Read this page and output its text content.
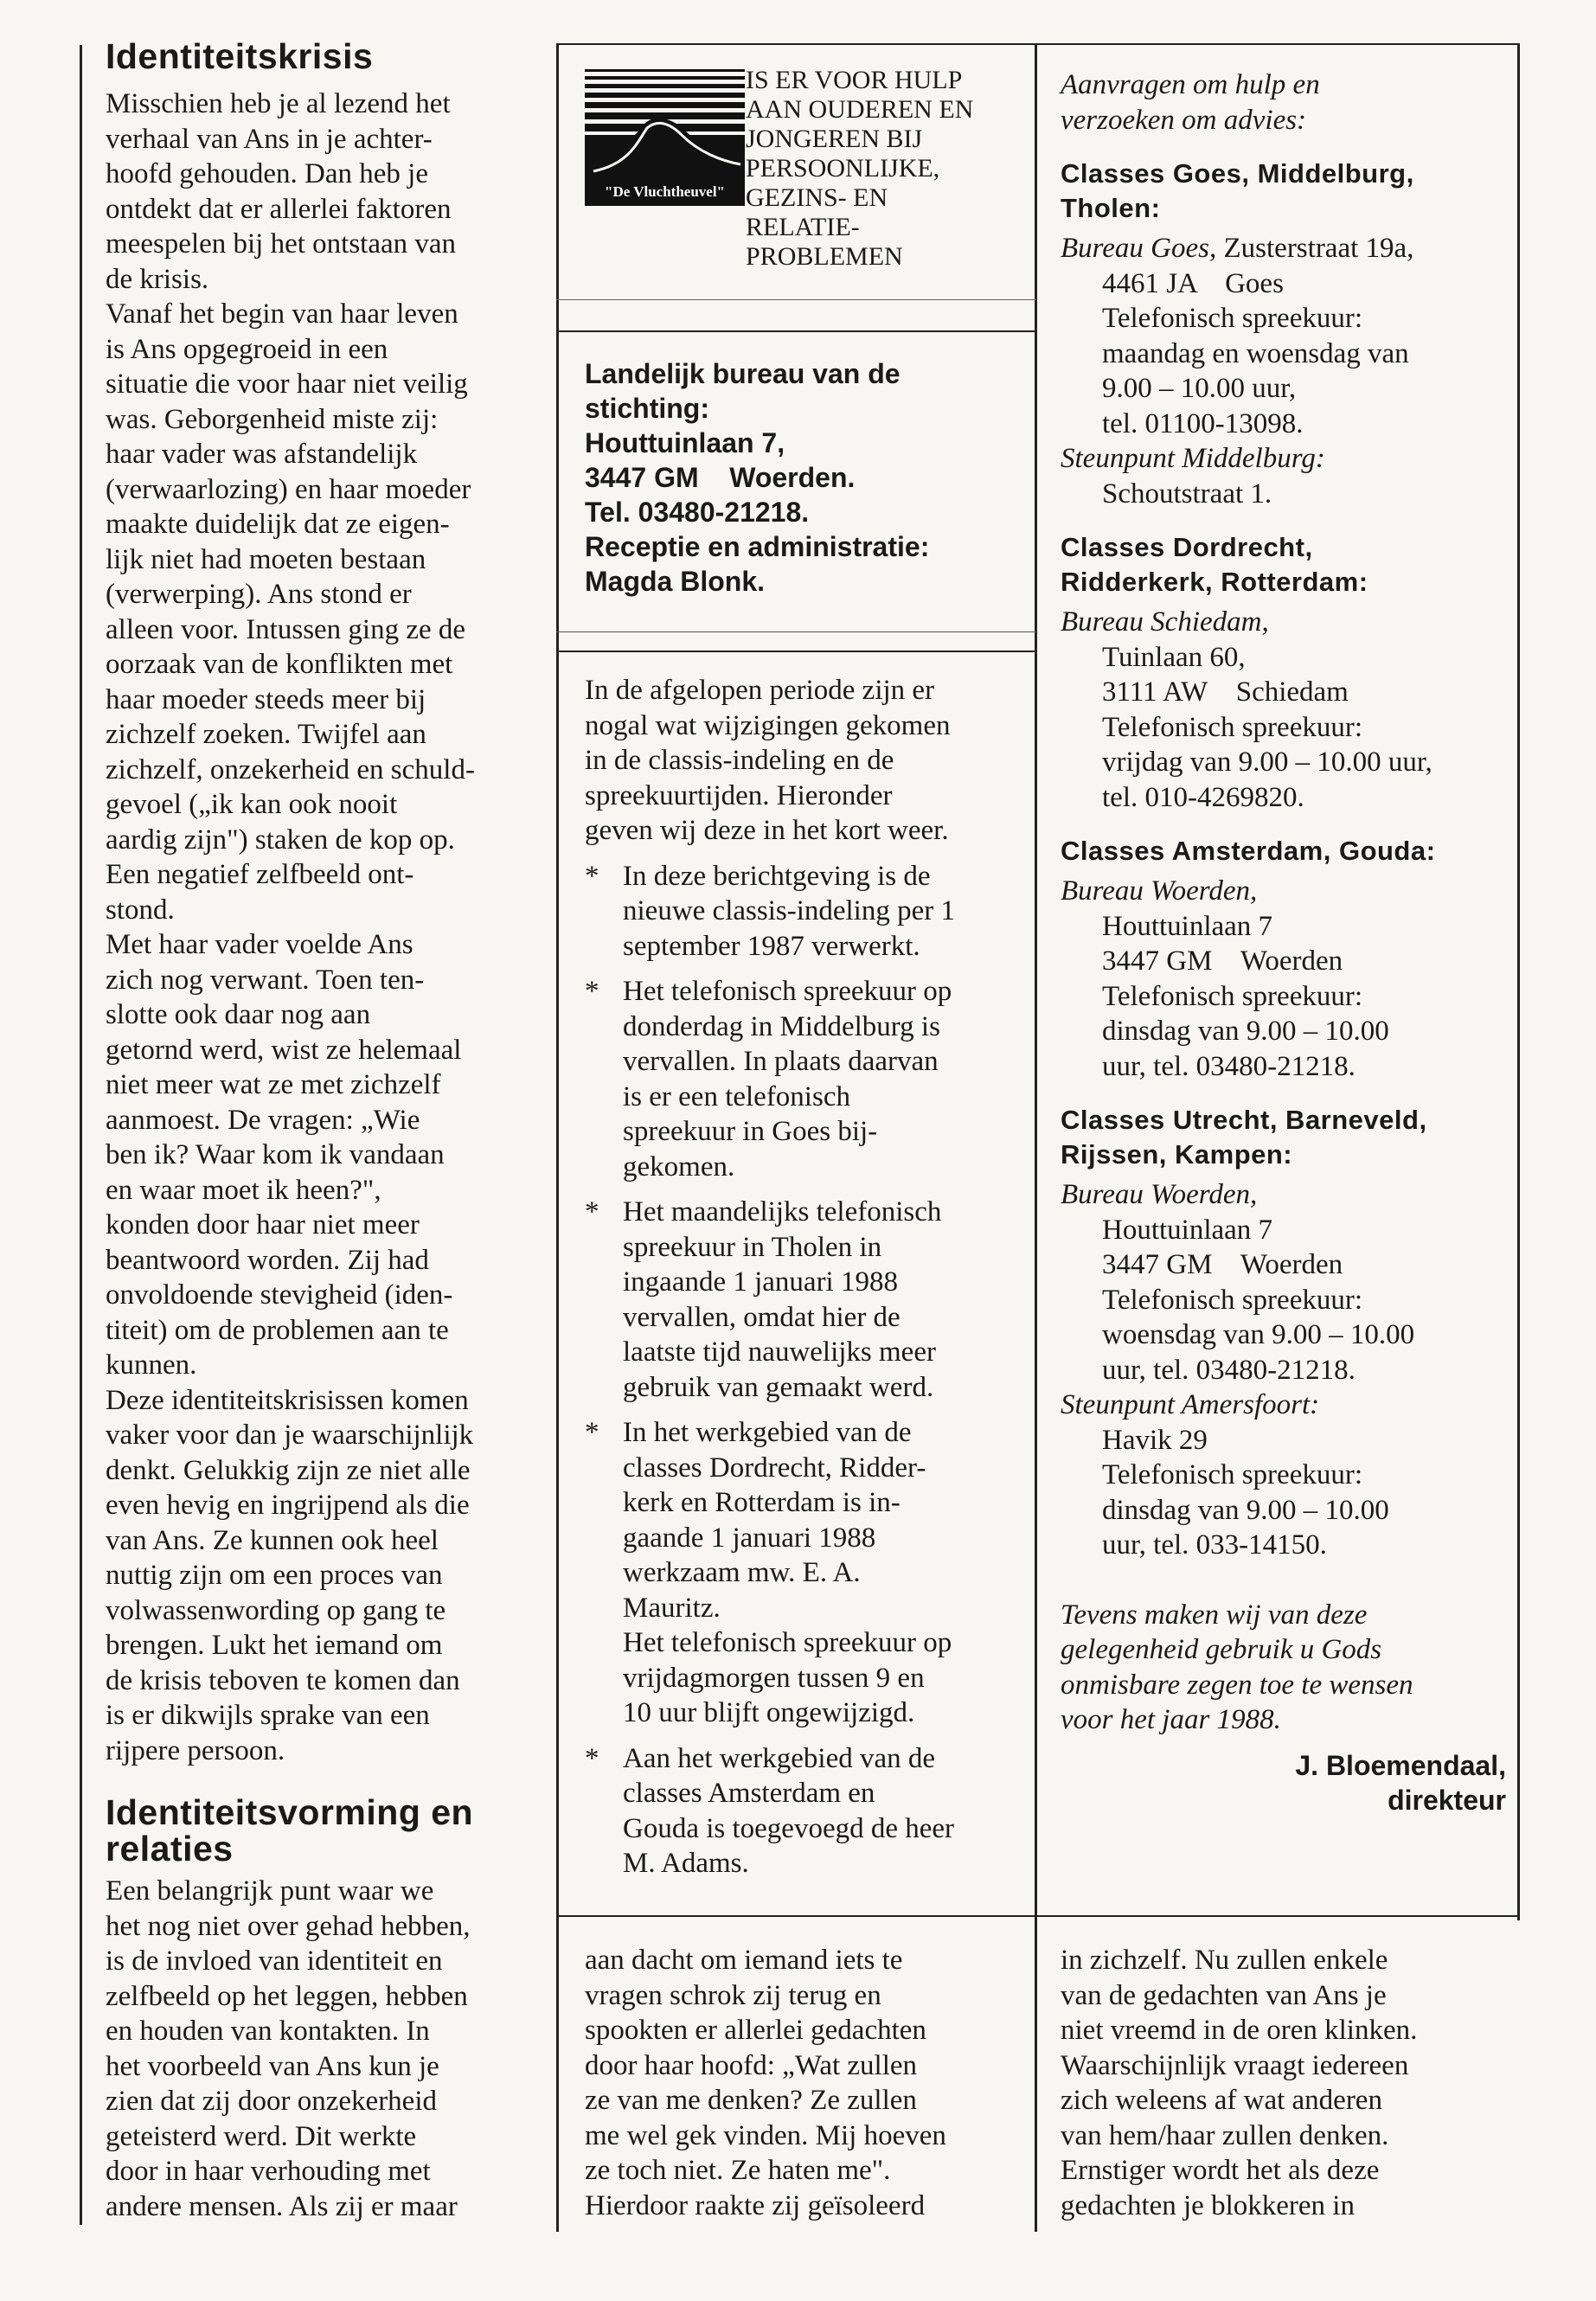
Identiteitskrisis
Misschien heb je al lezend het
verhaal van Ans in je achter-
hoofd gehouden. Dan heb je
ontdekt dat er allerlei faktoren
meespelen bij het ontstaan van
de krisis.
Vanaf het begin van haar leven
is Ans opgegroeid in een
situatie die voor haar niet veilig
was. Geborgenheid miste zij:
haar vader was afstandelijk
(verwaarlozing) en haar moeder
maakte duidelijk dat ze eigen-
lijk niet had moeten bestaan
(verwerping). Ans stond er
alleen voor. Intussen ging ze de
oorzaak van de konflikten met
haar moeder steeds meer bij
zichzelf zoeken. Twijfel aan
zichzelf, onzekerheid en schuld-
gevoel („ik kan ook nooit
aardig zijn") staken de kop op.
Een negatief zelfbeeld ont-
stond.
Met haar vader voelde Ans
zich nog verwant. Toen ten-
slotte ook daar nog aan
getornd werd, wist ze helemaal
niet meer wat ze met zichzelf
aanmoest. De vragen: „Wie
ben ik? Waar kom ik vandaan
en waar moet ik heen?",
konden door haar niet meer
beantwoord worden. Zij had
onvoldoende stevigheid (iden-
titeit) om de problemen aan te
kunnen.
Deze identiteitskrisissen komen
vaker voor dan je waarschijnlijk
denkt. Gelukkig zijn ze niet alle
even hevig en ingrijpend als die
van Ans. Ze kunnen ook heel
nuttig zijn om een proces van
volwassenwording op gang te
brengen. Lukt het iemand om
de krisis teboven te komen dan
is er dikwijls sprake van een
rijpere persoon.
Identiteitsvorming en
relaties
Een belangrijk punt waar we
het nog niet over gehad hebben,
is de invloed van identiteit en
zelfbeeld op het leggen, hebben
en houden van kontakten. In
het voorbeeld van Ans kun je
zien dat zij door onzekerheid
geteisterd werd. Dit werkte
door in haar verhouding met
andere mensen. Als zij er maar
"De Vluchtheuvel"
IS ER VOOR HULP
AAN OUDEREN EN
JONGEREN BIJ
PERSOONLIJKE,
GEZINS- EN
RELATIE-
PROBLEMEN
Landelijk bureau van de
stichting:
Houttuinlaan 7,
3447 GM    Woerden.
Tel. 03480-21218.
Receptie en administratie:
Magda Blonk.
In de afgelopen periode zijn er
nogal wat wijzigingen gekomen
in de classis-indeling en de
spreekuurtijden. Hieronder
geven wij deze in het kort weer.
* In deze berichtgeving is de
nieuwe classis-indeling per 1
september 1987 verwerkt.
* Het telefonisch spreekuur op
donderdag in Middelburg is
vervallen. In plaats daarvan
is er een telefonisch
spreekuur in Goes bij-
gekomen.
* Het maandelijks telefonisch
spreekuur in Tholen in
ingaande 1 januari 1988
vervallen, omdat hier de
laatste tijd nauwelijks meer
gebruik van gemaakt werd.
* In het werkgebied van de
classes Dordrecht, Ridder-
kerk en Rotterdam is in-
gaande 1 januari 1988
werkzaam mw. E. A.
Mauritz.
Het telefonisch spreekuur op
vrijdagmorgen tussen 9 en
10 uur blijft ongewijzigd.
* Aan het werkgebied van de
classes Amsterdam en
Gouda is toegevoegd de heer
M. Adams.
Aanvragen om hulp en
verzoeken om advies:
Classes Goes, Middelburg,
Tholen:
Bureau Goes, Zusterstraat 19a,
4461 JA    Goes
Telefonisch spreekuur:
maandag en woensdag van
9.00 – 10.00 uur,
tel. 01100-13098.
Steunpunt Middelburg:
Schoutstraat 1.
Classes Dordrecht,
Ridderkerk, Rotterdam:
Bureau Schiedam,
Tuinlaan 60,
3111 AW    Schiedam
Telefonisch spreekuur:
vrijdag van 9.00 – 10.00 uur,
tel. 010-4269820.
Classes Amsterdam, Gouda:
Bureau Woerden,
Houttuinlaan 7
3447 GM    Woerden
Telefonisch spreekuur:
dinsdag van 9.00 – 10.00
uur, tel. 03480-21218.
Classes Utrecht, Barneveld,
Rijssen, Kampen:
Bureau Woerden,
Houttuinlaan 7
3447 GM    Woerden
Telefonisch spreekuur:
woensdag van 9.00 – 10.00
uur, tel. 03480-21218.
Steunpunt Amersfoort:
Havik 29
Telefonisch spreekuur:
dinsdag van 9.00 – 10.00
uur, tel. 033-14150.
Tevens maken wij van deze
gelegenheid gebruik u Gods
onmisbare zegen toe te wensen
voor het jaar 1988.
J. Bloemendaal,
direkteur
aan dacht om iemand iets te
vragen schrok zij terug en
spookten er allerlei gedachten
door haar hoofd: „Wat zullen
ze van me denken? Ze zullen
me wel gek vinden. Mij hoeven
ze toch niet. Ze haten me".
Hierdoor raakte zij geïsoleerd
in zichzelf. Nu zullen enkele
van de gedachten van Ans je
niet vreemd in de oren klinken.
Waarschijnlijk vraagt iedereen
zich weleens af wat anderen
van hem/haar zullen denken.
Ernstiger wordt het als deze
gedachten je blokkeren in
